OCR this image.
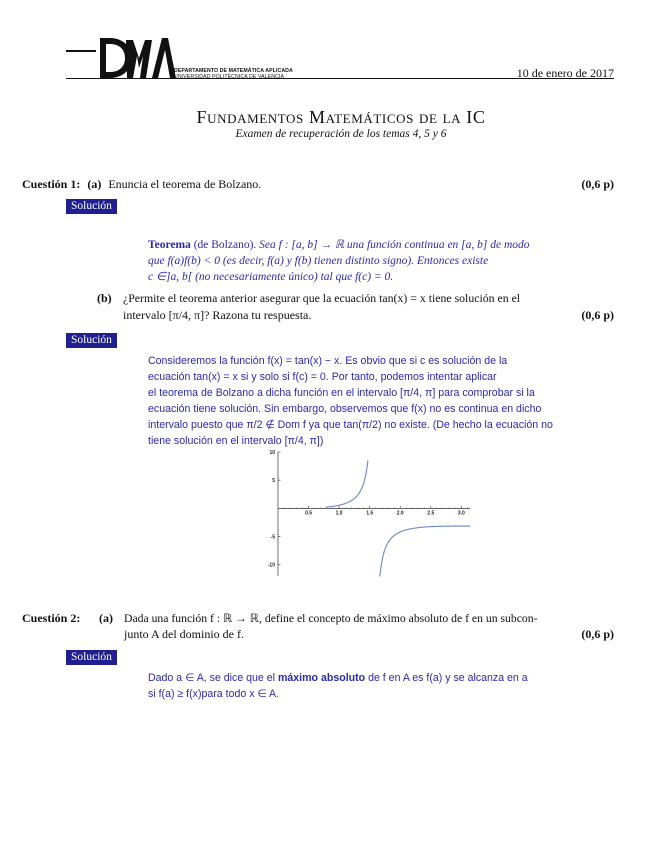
DEPARTAMENTO DE MATEMÁTICA APLICADA
UNIVERSIDAD POLITÉCNICA DE VALENCIA	10 de enero de 2017
Fundamentos Matemáticos de la IC
Examen de recuperación de los temas 4, 5 y 6
Cuestión 1: (a) Enuncia el teorema de Bolzano.	(0,6 p)
Solución
Teorema (de Bolzano). Sea f : [a, b] → ℝ una función continua en [a, b] de modo
que f(a)f(b) < 0 (es decir, f(a) y f(b) tienen distinto signo). Entonces existe
c ∈]a, b[ (no necesariamente único) tal que f(c) = 0.
(b) ¿Permite el teorema anterior asegurar que la ecuación tan(x) = x tiene solución en el
intervalo [π/4, π]? Razona tu respuesta.	(0,6 p)
Solución
Consideremos la función f(x) = tan(x) − x. Es obvio que si c es solución de la
ecuación tan(x) = x si y solo si f(c) = 0. Por tanto, podemos intentar aplicar
el teorema de Bolzano a dicha función en el intervalo [π/4, π] para comprobar si la
ecuación tiene solución. Sin embargo, observemos que f(x) no es continua en dicho
intervalo puesto que π/2 ∉ Dom f ya que tan(π/2) no existe. (De hecho la ecuación no
tiene solución en el intervalo [π/4, π])
0.5	1.0	1.5	2.0	2.5	3.0
10
5
-5
-10
Cuestión 2: (a) Dada una función f : ℝ → ℝ, define el concepto de máximo absoluto de f en un subcon-
junto A del dominio de f.	(0,6 p)
Solución
Dado a ∈ A, se dice que el máximo absoluto de f en A es f(a) y se alcanza en a
si f(a) ≥ f(x)para todo x ∈ A.
